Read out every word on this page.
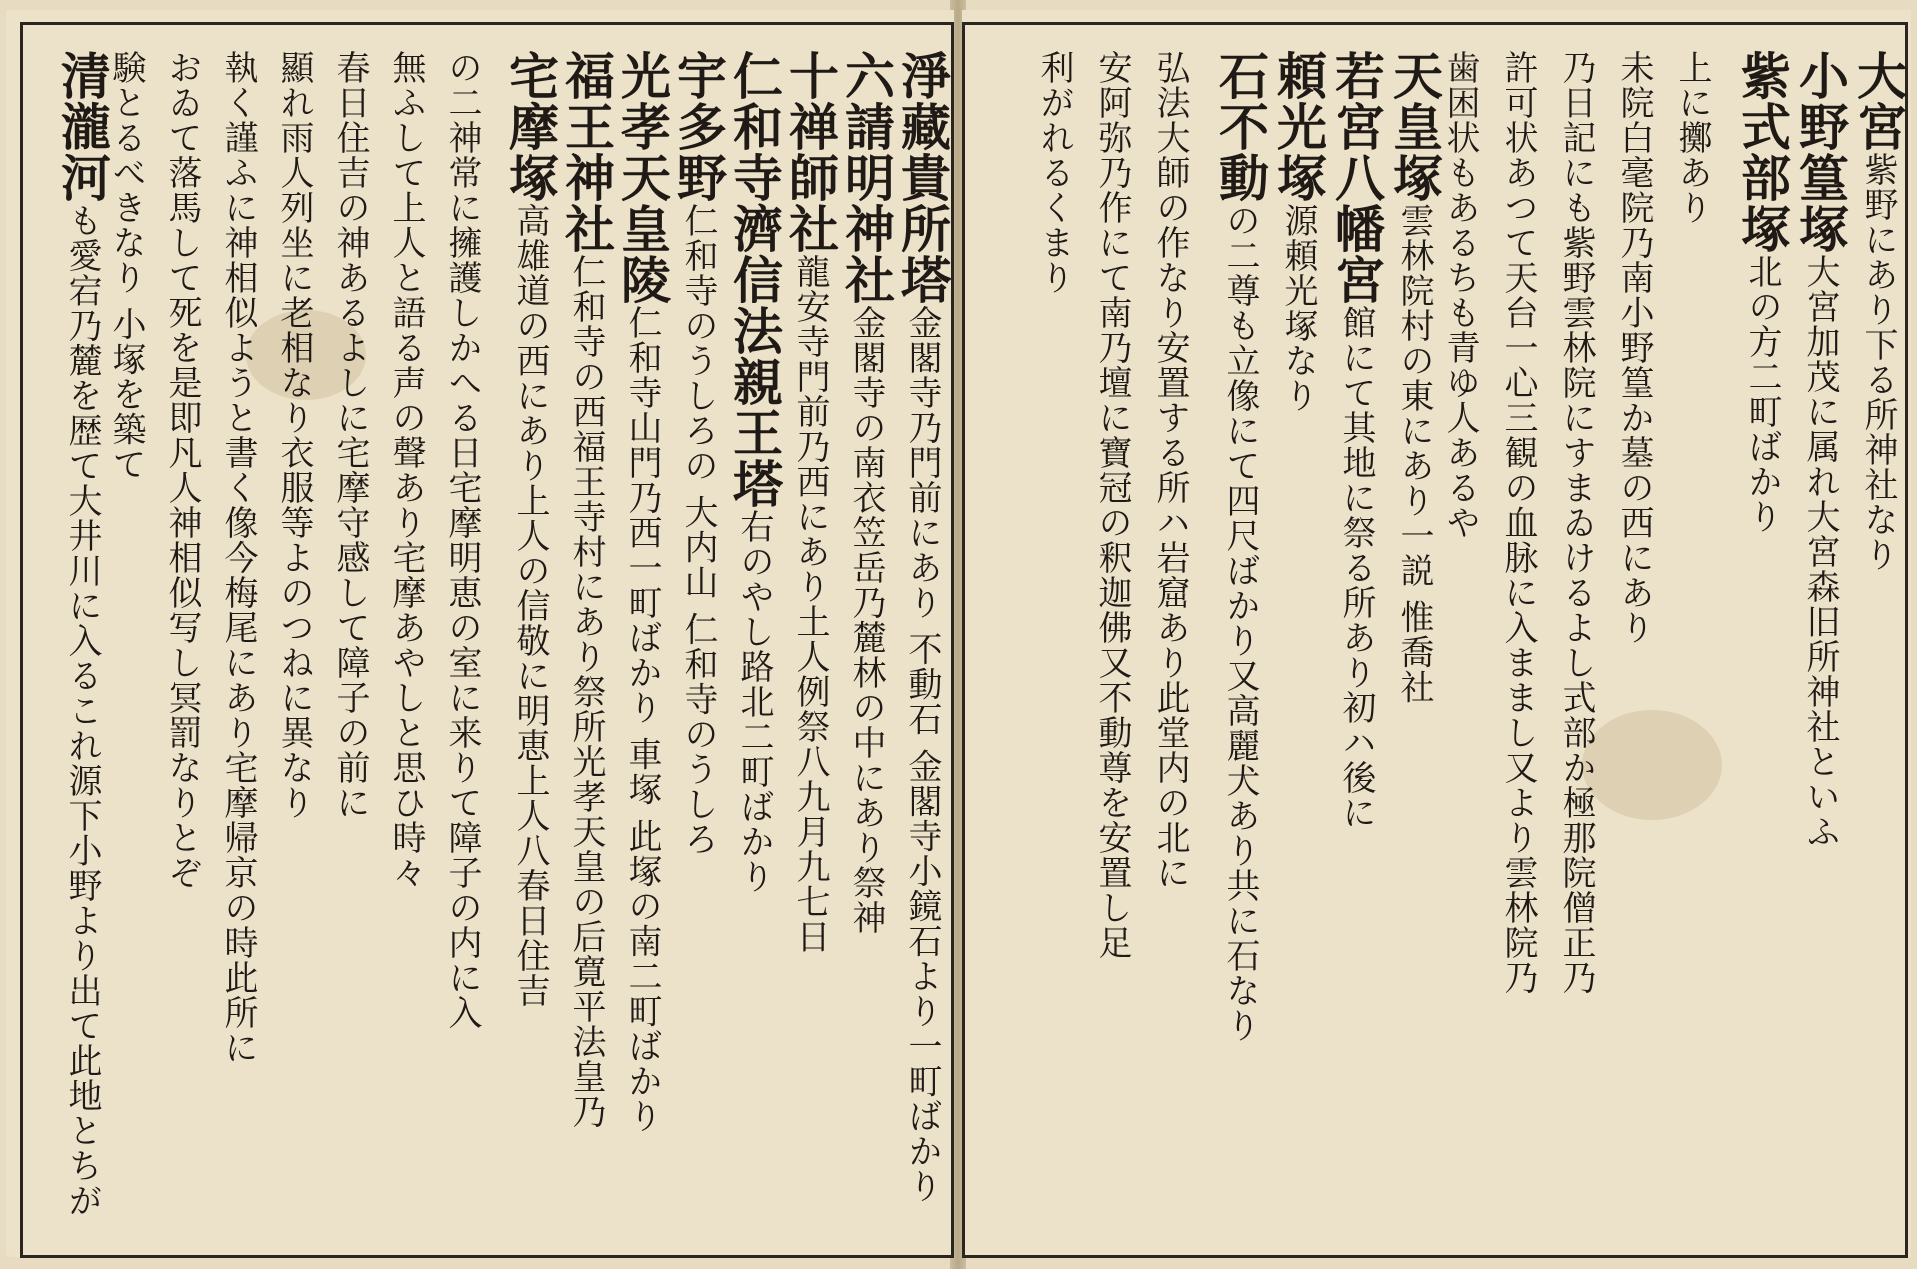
淨藏貴所塔金閣寺乃門前にあり 不動石 金閣寺小鏡石より一町ばかり
六請明神社金閣寺の南衣笠岳乃麓林の中にあり祭神
十禅師社龍安寺門前乃西にあり土人例祭八九月九七日
仁和寺濟信法親王塔右のやし路北二町ばかり
宇多野仁和寺のうしろの 大内山 仁和寺のうしろ
光孝天皇陵仁和寺山門乃西一町ばかり 車塚 此塚の南二町ばかり
福王神社仁和寺の西福王寺村にあり祭所光孝天皇の后寛平法皇乃
宅摩塚高雄道の西にあり上人の信敬に明恵上人八春日住吉
の二神常に擁護しかへる日宅摩明恵の室に来りて障子の内に入
無ふして上人と語る声の聲あり宅摩あやしと思ひ時々
春日住吉の神あるよしに宅摩守感して障子の前に
顯れ雨人列坐に老相なり衣服等よのつねに異なり
執く謹ふに神相似ようと書く像今梅尾にあり宅摩帰京の時此所に
おゐて落馬して死を是即凡人神相似写し冥罰なりとぞ
験とるべきなり 小塚を築て
清瀧河も愛宕乃麓を歴て大井川に入るこれ源下小野より出て此地とちが
大宮紫野にあり下る所神社なり
小野篁塚大宮加茂に属れ大宮森旧所神社といふ
紫式部塚北の方二町ばかり
上に擲あり
未院白毫院乃南小野篁か墓の西にあり
乃日記にも紫野雲林院にすまゐけるよし式部か極那院僧正乃
許可状あつて天台一心三観の血脉に入ままし又より雲林院乃
歯困状もあるちも青ゆ人あるや
天皇塚雲林院村の東にあり一説 惟喬社
若宮八幡宮館にて其地に祭る所あり初ハ後に
頼光塚源頼光塚なり
石不動の二尊も立像にて四尺ばかり又高麗犬あり共に石なり
弘法大師の作なり安置する所ハ岩窟あり此堂内の北に
安阿弥乃作にて南乃壇に寶冠の釈迦佛又不動尊を安置し足
利がれるくまり
